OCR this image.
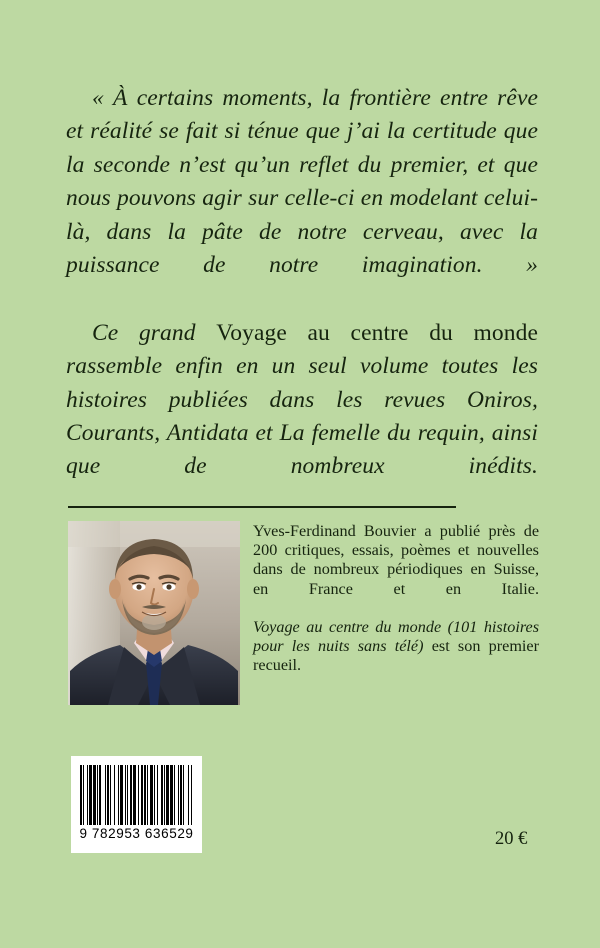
« À certains moments, la frontière entre rêve et réalité se fait si ténue que j’ai la certitude que la seconde n’est qu’un reflet du premier, et que nous pouvons agir sur celle-ci en modelant celui-là, dans la pâte de notre cerveau, avec la puissance de notre imagination. »

Ce grand Voyage au centre du monde rassemble enfin en un seul volume toutes les histoires publiées dans les revues Oniros, Courants, Antidata et La femelle du requin, ainsi que de nombreux inédits.

Yves-Ferdinand Bouvier a publié près de 200 critiques, essais, poèmes et nouvelles dans de nombreux périodiques en Suisse, en France et en Italie.

Voyage au centre du monde (101 histoires pour les nuits sans télé) est son premier recueil.

9 782953 636529	20 €
